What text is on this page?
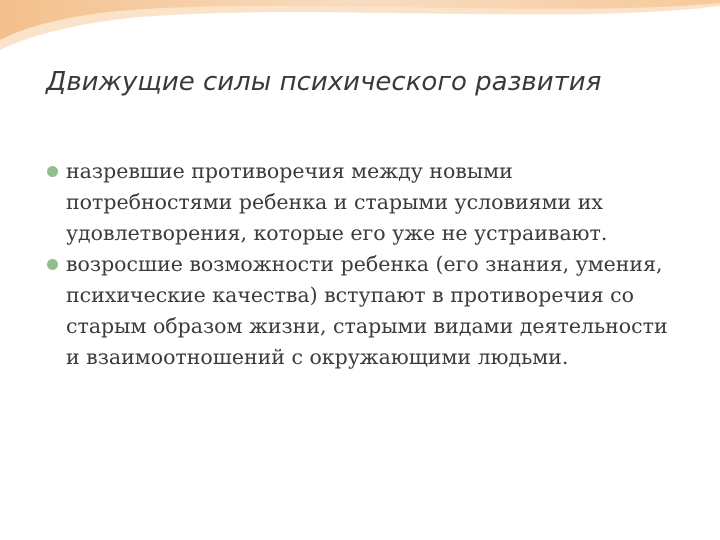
Движущие силы психического развития
назревшие противоречия между новыми потребностями ребенка и старыми условиями их удовлетворения, которые его уже не устраивают.
возросшие возможности ребенка (его знания, умения, психические качества) вступают в противоречия со старым образом жизни, старыми видами деятельности и взаимоотношений с окружающими людьми.
